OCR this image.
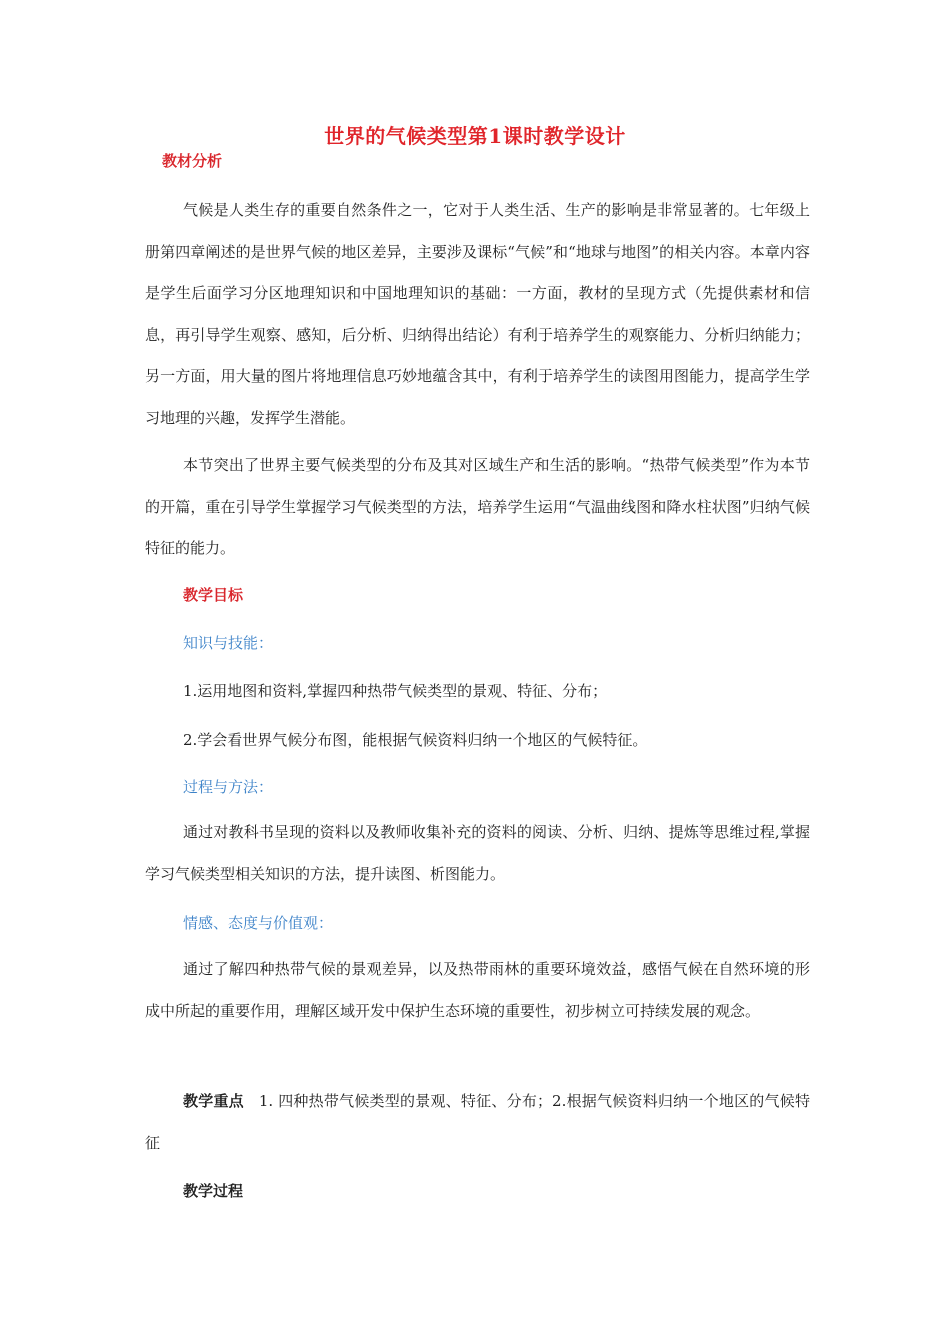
世界的气候类型第1课时教学设计
教材分析
气候是人类生存的重要自然条件之一，它对于人类生活、生产的影响是非常显著的。七年级上册第四章阐述的是世界气候的地区差异，主要涉及课标“气候”和“地球与地图”的相关内容。本章内容是学生后面学习分区地理知识和中国地理知识的基础：一方面，教材的呈现方式（先提供素材和信息，再引导学生观察、感知，后分析、归纳得出结论）有利于培养学生的观察能力、分析归纳能力；另一方面，用大量的图片将地理信息巧妙地蕴含其中，有利于培养学生的读图用图能力，提高学生学习地理的兴趣，发挥学生潜能。
本节突出了世界主要气候类型的分布及其对区域生产和生活的影响。“热带气候类型”作为本节的开篇，重在引导学生掌握学习气候类型的方法，培养学生运用“气温曲线图和降水柱状图”归纳气候特征的能力。
教学目标
知识与技能：
1.运用地图和资料,掌握四种热带气候类型的景观、特征、分布；
2.学会看世界气候分布图，能根据气候资料归纳一个地区的气候特征。
过程与方法：
通过对教科书呈现的资料以及教师收集补充的资料的阅读、分析、归纳、提炼等思维过程,掌握学习气候类型相关知识的方法，提升读图、析图能力。
情感、态度与价值观：
通过了解四种热带气候的景观差异，以及热带雨林的重要环境效益，感悟气候在自然环境的形成中所起的重要作用，理解区域开发中保护生态环境的重要性，初步树立可持续发展的观念。
教学重点 1. 四种热带气候类型的景观、特征、分布；2.根据气候资料归纳一个地区的气候特征
教学过程
